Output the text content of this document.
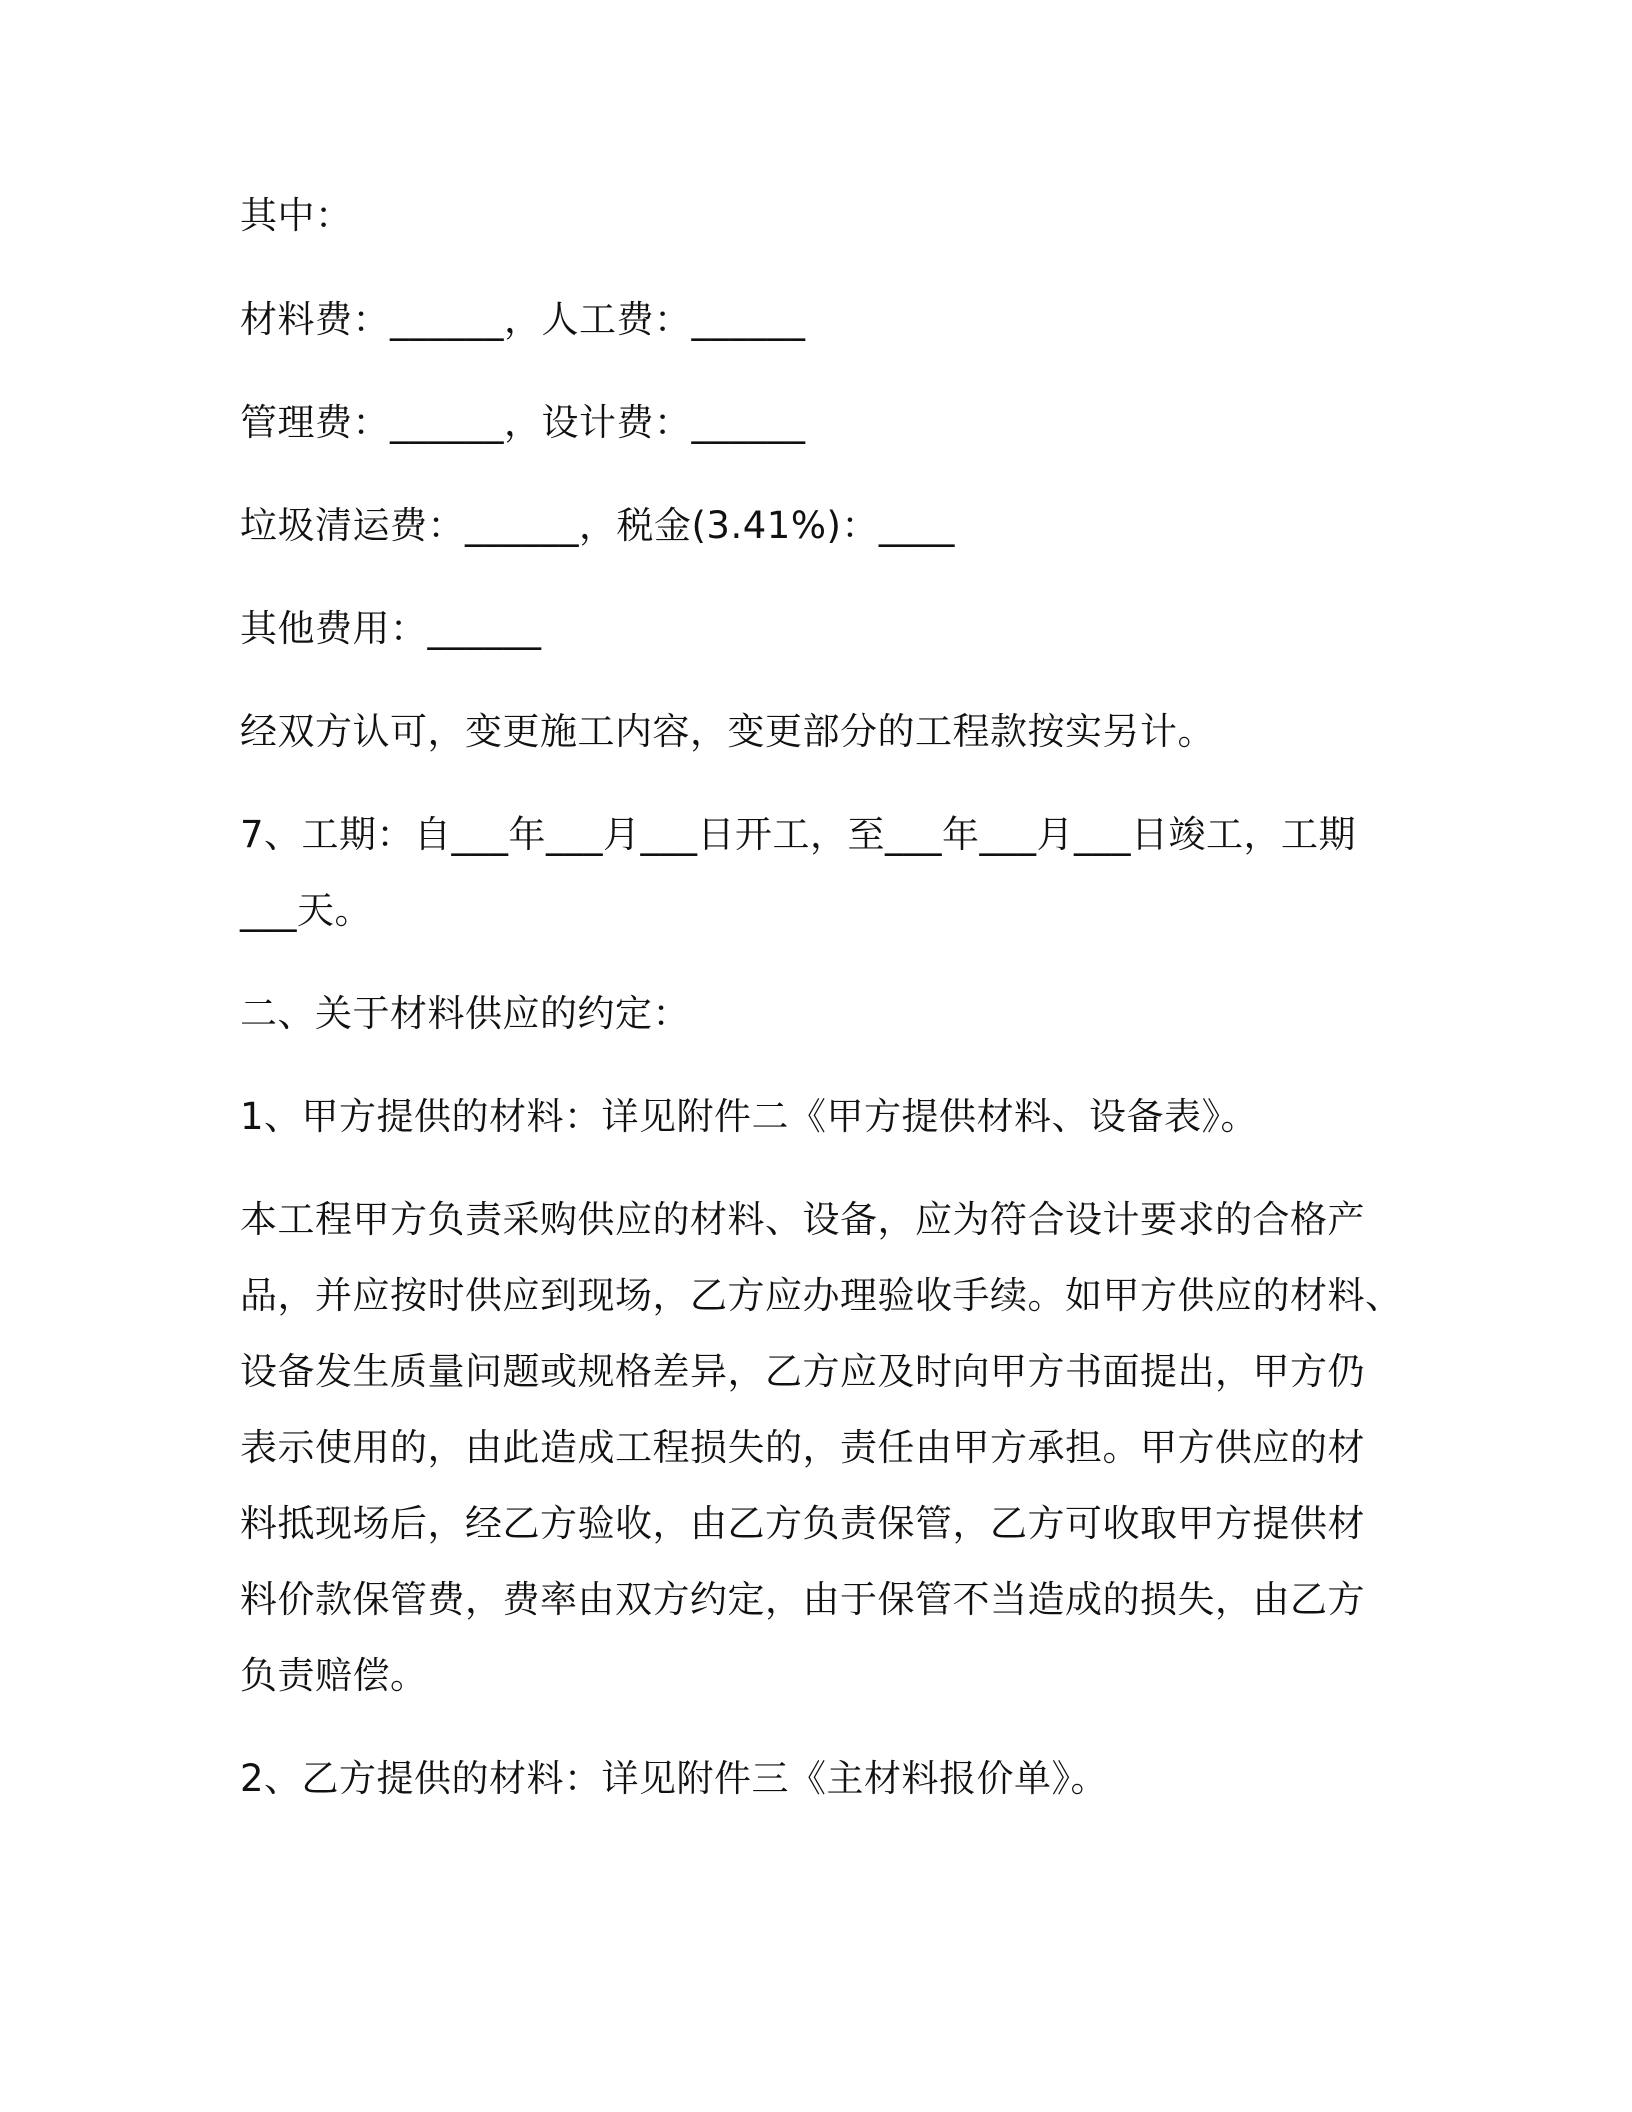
其中：
材料费：______，人工费：______
管理费：______，设计费：______
垃圾清运费：______，税金(3.41%)：____
其他费用：______
经双方认可，变更施工内容，变更部分的工程款按实另计。
7、工期：自___年___月___日开工，至___年___月___日竣工，工期
___天。
二、关于材料供应的约定：
1、甲方提供的材料：详见附件二《甲方提供材料、设备表》。
本工程甲方负责采购供应的材料、设备，应为符合设计要求的合格产
品，并应按时供应到现场，乙方应办理验收手续。如甲方供应的材料、
设备发生质量问题或规格差异，乙方应及时向甲方书面提出，甲方仍
表示使用的，由此造成工程损失的，责任由甲方承担。甲方供应的材
料抵现场后，经乙方验收，由乙方负责保管，乙方可收取甲方提供材
料价款保管费，费率由双方约定，由于保管不当造成的损失，由乙方
负责赔偿。
2、乙方提供的材料：详见附件三《主材料报价单》。
